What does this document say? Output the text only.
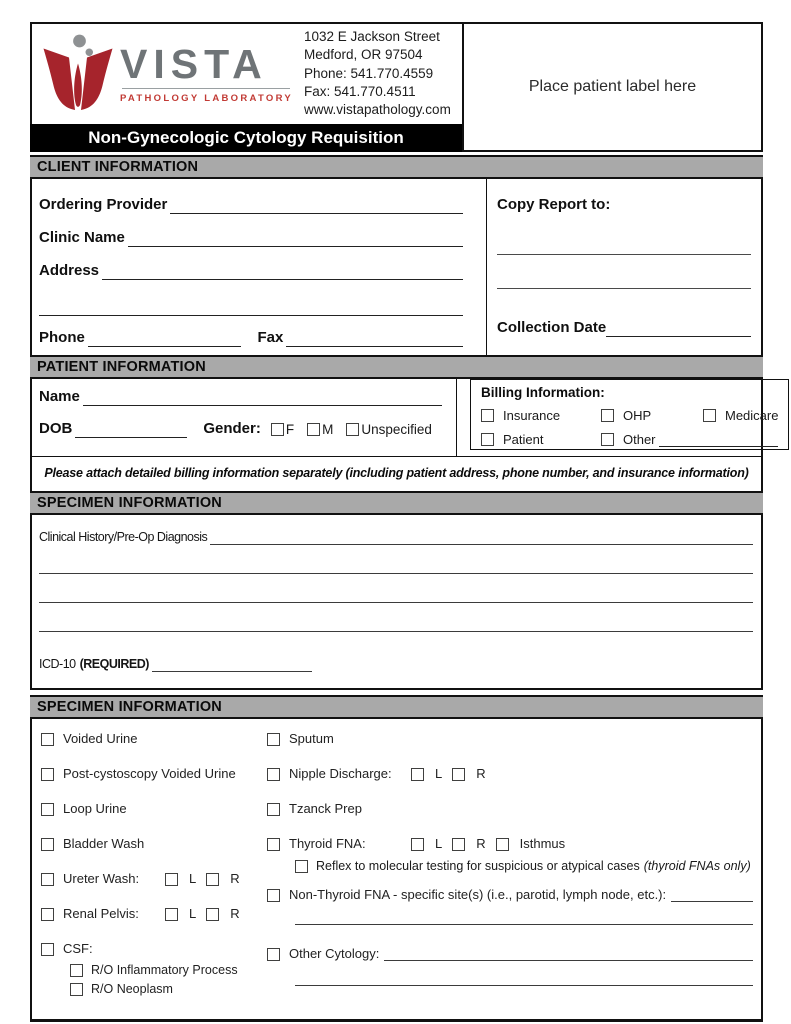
VISTA
PATHOLOGY LABORATORY
1032 E Jackson Street
Medford, OR 97504
Phone: 541.770.4559
Fax: 541.770.4511
www.vistapathology.com
Non-Gynecologic Cytology Requisition
Place patient label here
CLIENT INFORMATION
Ordering Provider
Clinic Name
Address
Phone	Fax
Copy Report to:
Collection Date
PATIENT INFORMATION
Name
DOB	Gender: F M Unspecified
Billing Information:
Insurance	OHP	Medicare
Patient	Other
Please attach detailed billing information separately (including patient address, phone number, and insurance information)
SPECIMEN INFORMATION
Clinical History/Pre-Op Diagnosis
ICD-10 (REQUIRED)
SPECIMEN INFORMATION
Voided Urine
Post-cystoscopy Voided Urine
Loop Urine
Bladder Wash
Ureter Wash:	L	R
Renal Pelvis:	L	R
CSF:
R/O Inflammatory Process
R/O Neoplasm
Sputum
Nipple Discharge:	L	R
Tzanck Prep
Thyroid FNA:	L	R	Isthmus
Reflex to molecular testing for suspicious or atypical cases (thyroid FNAs only)
Non-Thyroid FNA - specific site(s) (i.e., parotid, lymph node, etc.):
Other Cytology:
